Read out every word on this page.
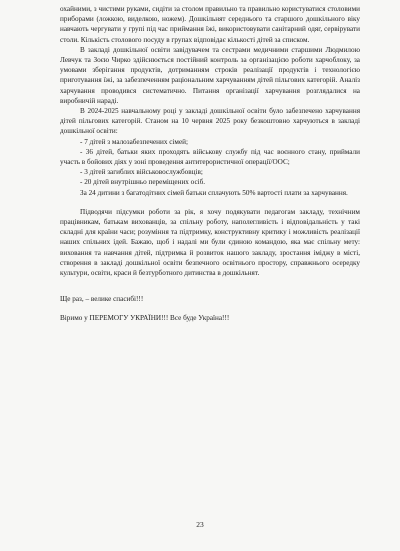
охайними, з чистими руками, сидіти за столом правильно та правильно користуватися столовими приборами (ложкою, виделкою, ножем). Дошкільнят середнього та старшого дошкільного віку навчають чергувати у групі під час приймання їжі, використовувати санітарний одяг, сервірувати столи. Кількість столового посуду в групах відповідає кількості дітей за списком.

В закладі дошкільної освіти завідувачем та сестрами медичними старшими Людмилою Левчук та Зоєю Чирко здійснюється постійний контроль за організацією роботи харчоблоку, за умовами зберігання продуктів, дотриманням строків реалізації продуктів і технологією приготування їжі, за забезпеченням раціональним харчуванням дітей пільгових категорій. Аналіз харчування проводився систематично. Питання організації харчування розглядалися на виробничій нараді.

В 2024-2025 навчальному році у закладі дошкільної освіти було забезпечено харчування дітей пільгових категорій. Станом на 10 червня 2025 року безкоштовно харчуються в закладі дошкільної освіти:

- 7 дітей з малозабезпечених сімей;

- 36 дітей, батьки яких проходять військову службу під час воєнного стану, приймали участь в бойових діях у зоні проведення антитерористичної операції/ООС;

- 3 дітей загиблих військовослужбовців;

- 20 дітей внутрішньо переміщених осіб.

За 24 дитини з багатодітних сімей батьки сплачують 50% вартості плати за харчування.

Підводячи підсумки роботи за рік, я хочу подякувати педагогам закладу, технічним працівникам, батькам вихованців, за спільну роботу, наполегливість і відповідальність у такі складні для країни часи; розуміння та підтримку, конструктивну критику і можливість реалізації наших спільних ідей. Бажаю, щоб і надалі ми були єдиною командою, яка має спільну мету: виховання та навчання дітей, підтримка й розвиток нашого закладу, зростання іміджу в місті, створення в закладі дошкільної освіти безпечного освітнього простору, справжнього осередку культури, освіти, краси й безтурботного дитинства в дошкільнят.

Ще раз, – велике спасибі!!!

Віримо у ПЕРЕМОГУ УКРАЇНИ!!! Все буде Україна!!!

23
